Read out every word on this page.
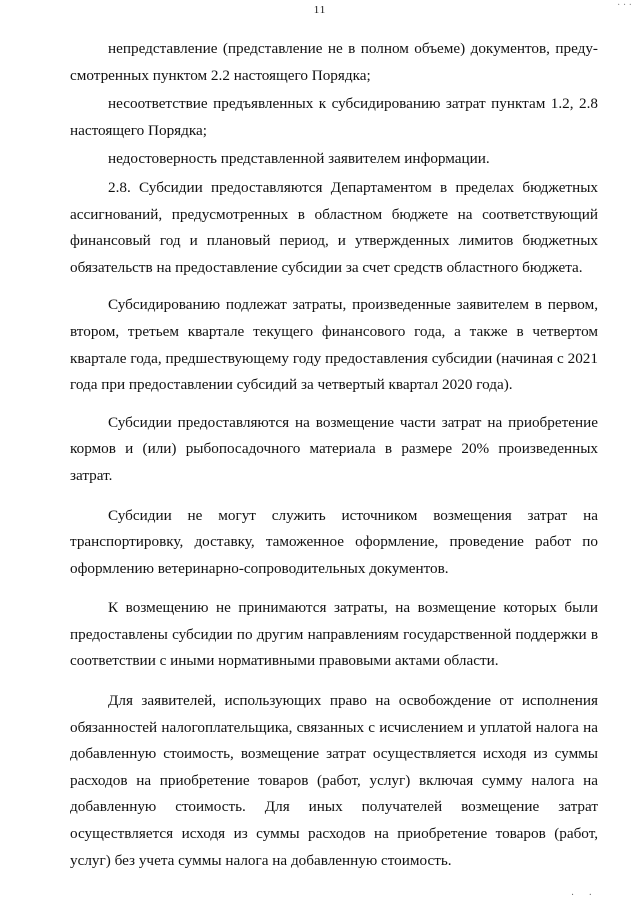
· · ·
11

непредставление (представление не в полном объеме) документов, преду-смотренных пунктом 2.2 настоящего Порядка;

несоответствие предъявленных к субсидированию затрат пунктам 1.2, 2.8 настоящего Порядка;

недостоверность представленной заявителем информации.

2.8. Субсидии предоставляются Департаментом в пределах бюджетных ассигнований, предусмотренных в областном бюджете на соответствующий финансовый год и плановый период, и утвержденных лимитов бюджетных обязательств на предоставление субсидии за счет средств областного бюджета.

Субсидированию подлежат затраты, произведенные заявителем в первом, втором, третьем квартале текущего финансового года, а также в четвертом квартале года, предшествующему году предоставления субсидии (начиная с 2021 года при предоставлении субсидий за четвертый квартал 2020 года).

Субсидии предоставляются на возмещение части затрат на приобретение кормов и (или) рыбопосадочного материала в размере 20% произведенных затрат.

Субсидии не могут служить источником возмещения затрат на транспортировку, доставку, таможенное оформление, проведение работ по оформлению ветеринарно-сопроводительных документов.

К возмещению не принимаются затраты, на возмещение которых были предоставлены субсидии по другим направлениям государственной поддержки в соответствии с иными нормативными правовыми актами области.

Для заявителей, использующих право на освобождение от исполнения обязанностей налогоплательщика, связанных с исчислением и уплатой налога на добавленную стоимость, возмещение затрат осуществляется исходя из суммы расходов на приобретение товаров (работ, услуг) включая сумму налога на добавленную стоимость. Для иных получателей возмещение затрат осуществляется исходя из суммы расходов на приобретение товаров (работ, услуг) без учета суммы налога на добавленную стоимость.

· ·
